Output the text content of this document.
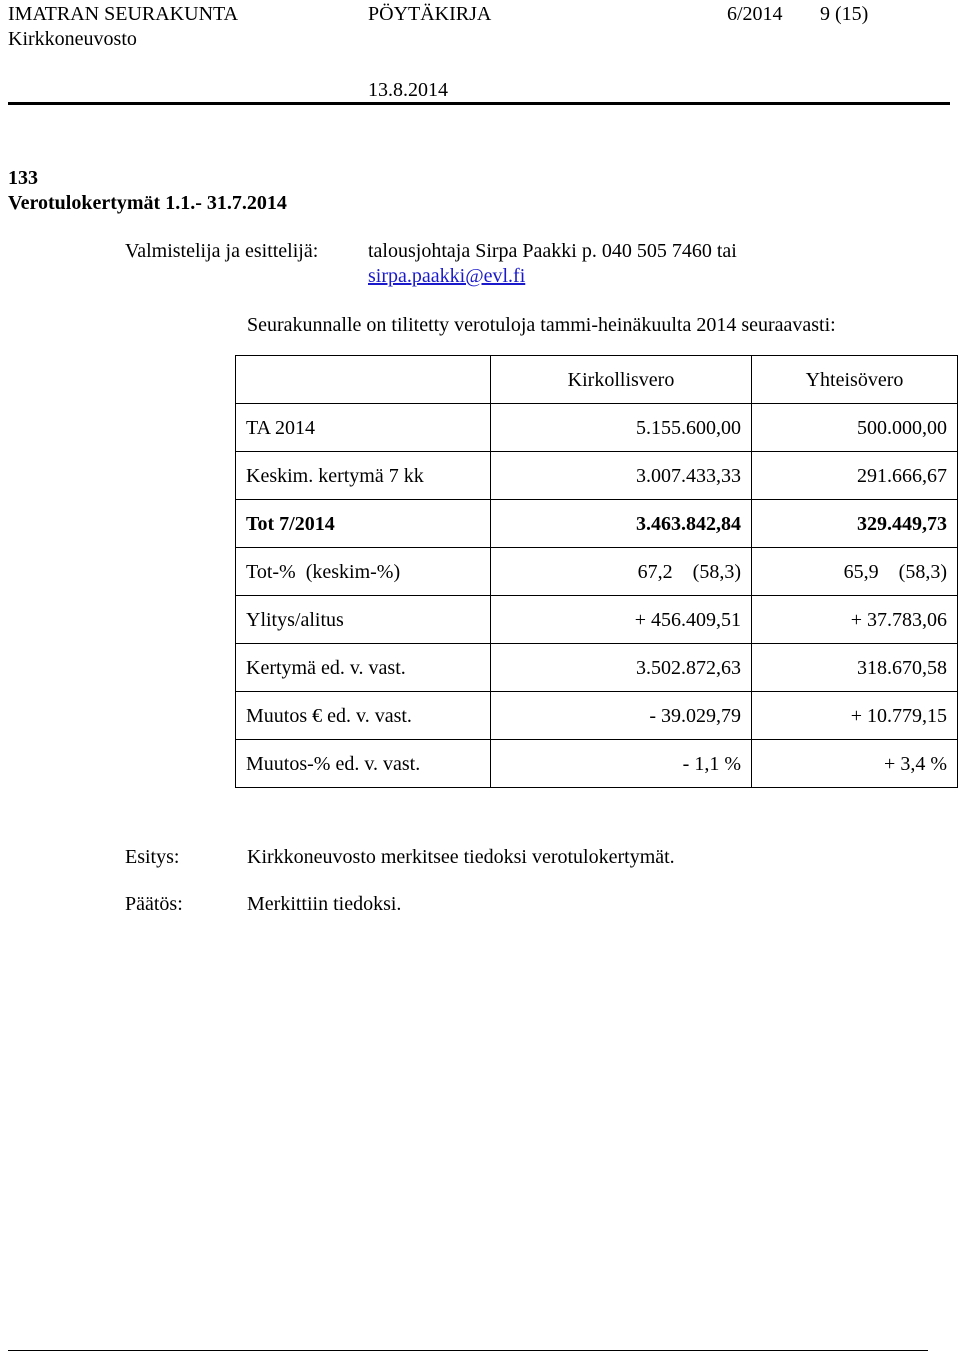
IMATRAN SEURAKUNTA	PÖYTÄKIRJA	6/2014 9 (15)
Kirkkoneuvosto
13.8.2014
133
Verotulokertymät 1.1.- 31.7.2014
Valmistelija ja esittelijä: talousjohtaja Sirpa Paakki p. 040 505 7460 tai
sirpa.paakki@evl.fi
Seurakunnalle on tilitetty verotuloja tammi-heinäkuulta 2014 seuraavasti:
	Kirkollisvero	Yhteisövero
TA 2014	5.155.600,00	500.000,00
Keskim. kertymä 7 kk	3.007.433,33	291.666,67
Tot 7/2014	3.463.842,84	329.449,73
Tot-%  (keskim-%)	67,2 (58,3)	65,9 (58,3)

Ylitys/alitus	+ 456.409,51	+ 37.783,06
Kertymä ed. v. vast.	3.502.872,63	318.670,58
Muutos € ed. v. vast.	- 39.029,79	+ 10.779,15
Muutos-% ed. v. vast.	- 1,1 %	+ 3,4 %
Esitys:	Kirkkoneuvosto merkitsee tiedoksi verotulokertymät.
Päätös:	Merkittiin tiedoksi.
